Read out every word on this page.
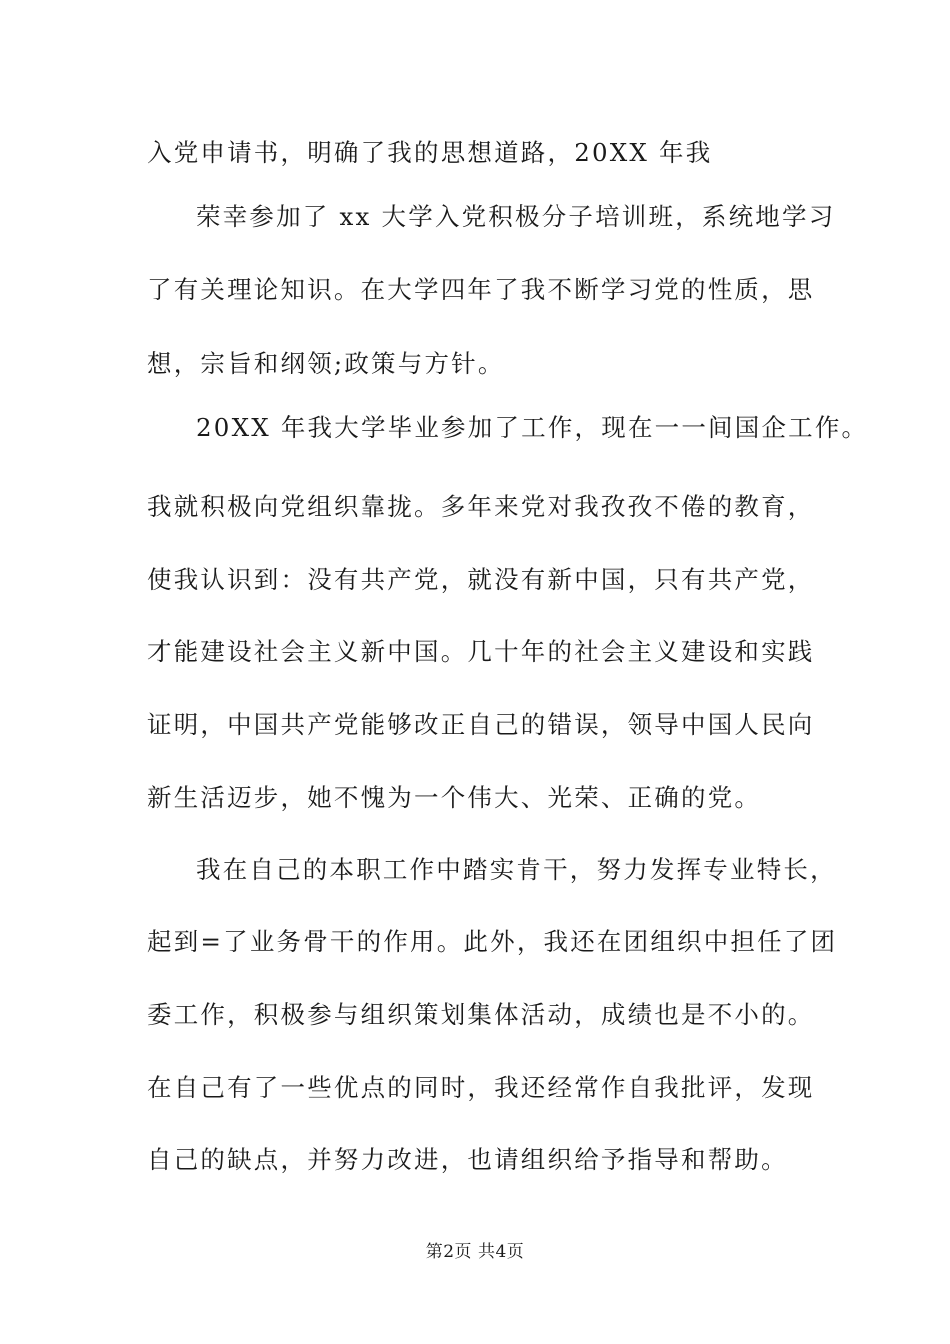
入党申请书，明确了我的思想道路，20XX 年我
荣幸参加了 xx 大学入党积极分子培训班，系统地学习
了有关理论知识。在大学四年了我不断学习党的性质，思
想，宗旨和纲领;政策与方针。
20XX 年我大学毕业参加了工作，现在一一间国企工作。
我就积极向党组织靠拢。多年来党对我孜孜不倦的教育，
使我认识到：没有共产党，就没有新中国，只有共产党，
才能建设社会主义新中国。几十年的社会主义建设和实践
证明，中国共产党能够改正自己的错误，领导中国人民向
新生活迈步，她不愧为一个伟大、光荣、正确的党。
我在自己的本职工作中踏实肯干，努力发挥专业特长，
起到=了业务骨干的作用。此外，我还在团组织中担任了团
委工作，积极参与组织策划集体活动，成绩也是不小的。
在自己有了一些优点的同时，我还经常作自我批评，发现
自己的缺点，并努力改进，也请组织给予指导和帮助。
第2页 共4页
